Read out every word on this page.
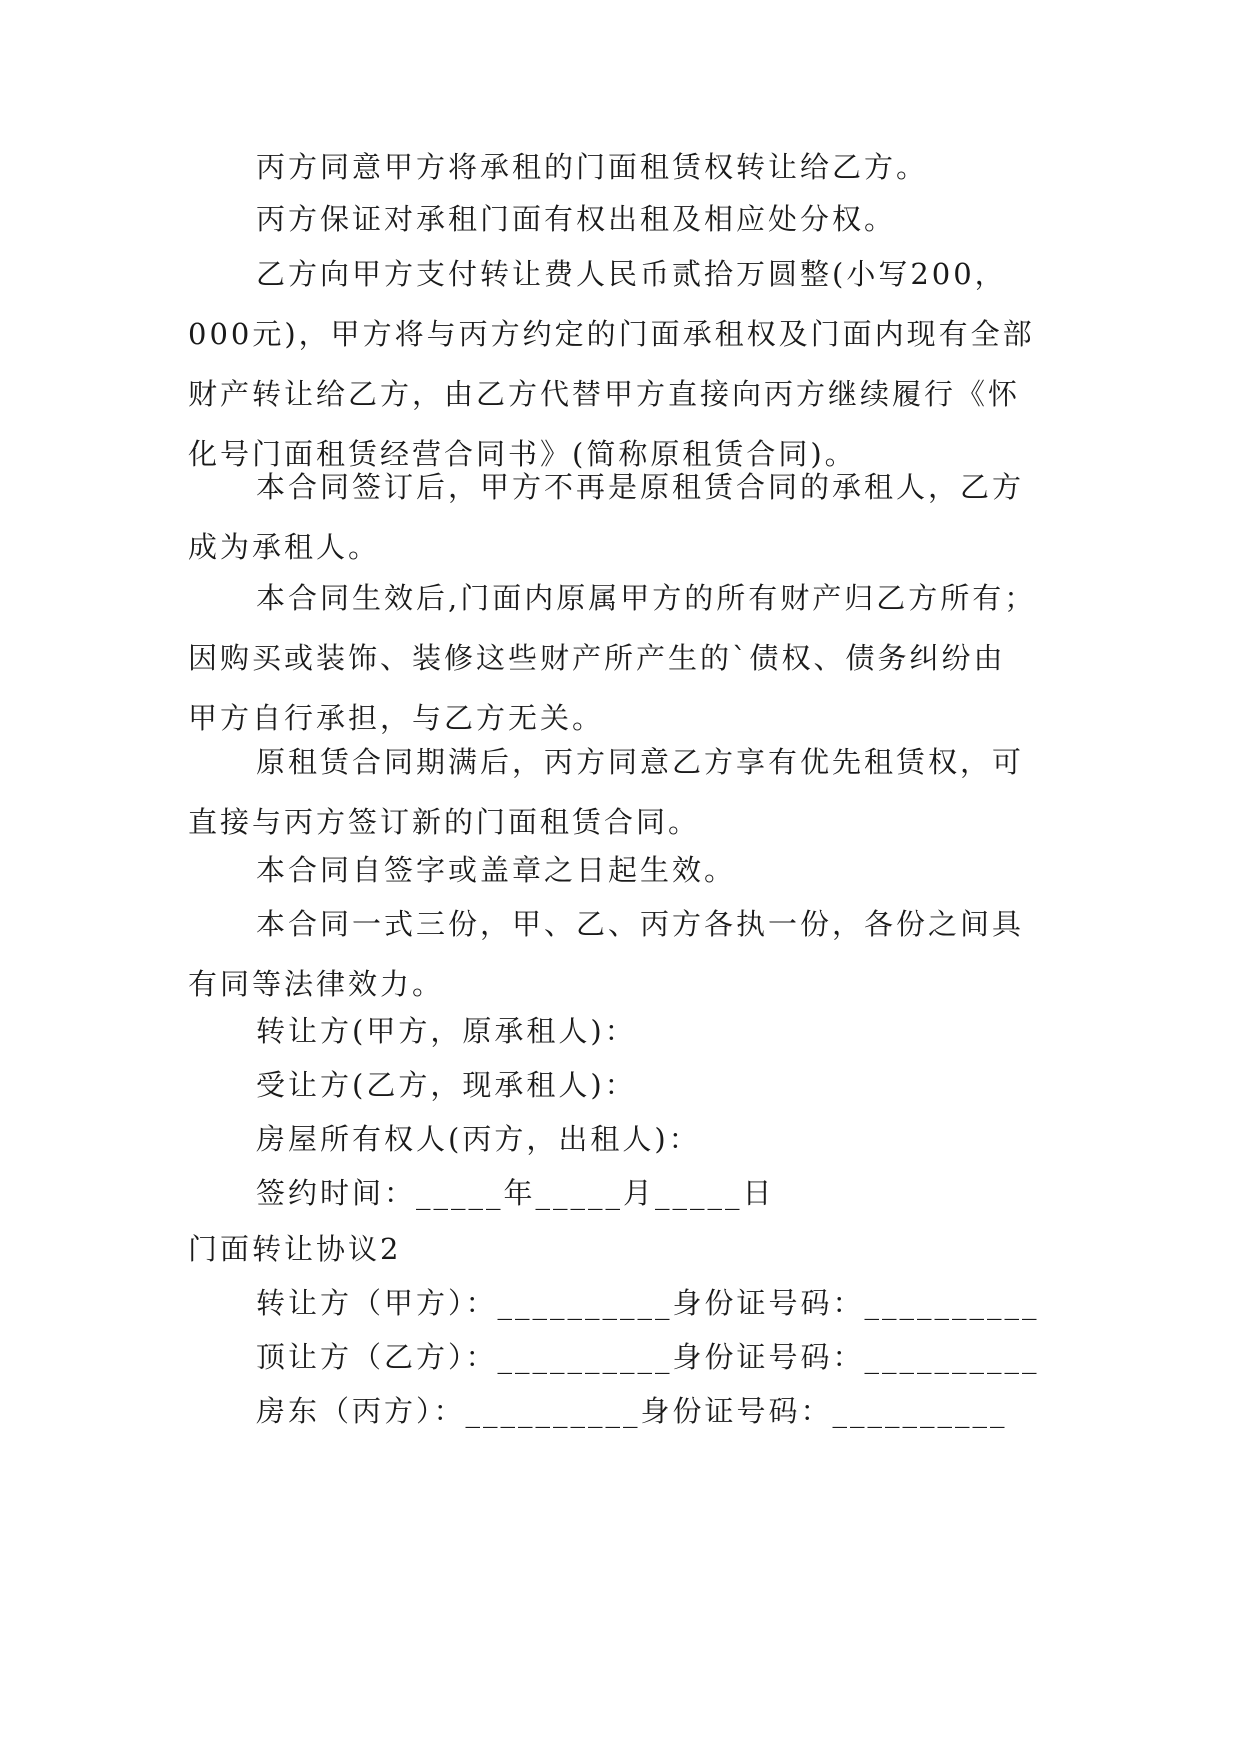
丙方同意甲方将承租的门面租赁权转让给乙方。

丙方保证对承租门面有权出租及相应处分权。

乙方向甲方支付转让费人民币贰拾万圆整(小写200，
000元)，甲方将与丙方约定的门面承租权及门面内现有全部
财产转让给乙方，由乙方代替甲方直接向丙方继续履行《怀
化号门面租赁经营合同书》(简称原租赁合同)。

本合同签订后，甲方不再是原租赁合同的承租人，乙方
成为承租人。

本合同生效后,门面内原属甲方的所有财产归乙方所有；
因购买或装饰、装修这些财产所产生的`债权、债务纠纷由
甲方自行承担，与乙方无关。

原租赁合同期满后，丙方同意乙方享有优先租赁权，可
直接与丙方签订新的门面租赁合同。

本合同自签字或盖章之日起生效。

本合同一式三份，甲、乙、丙方各执一份，各份之间具
有同等法律效力。

转让方(甲方，原承租人)：

受让方(乙方，现承租人)：

房屋所有权人(丙方，出租人)：

签约时间：_____年_____月_____日

门面转让协议2

转让方（甲方）：__________身份证号码：__________

顶让方（乙方）：__________身份证号码：__________

房东（丙方）：__________身份证号码：__________
